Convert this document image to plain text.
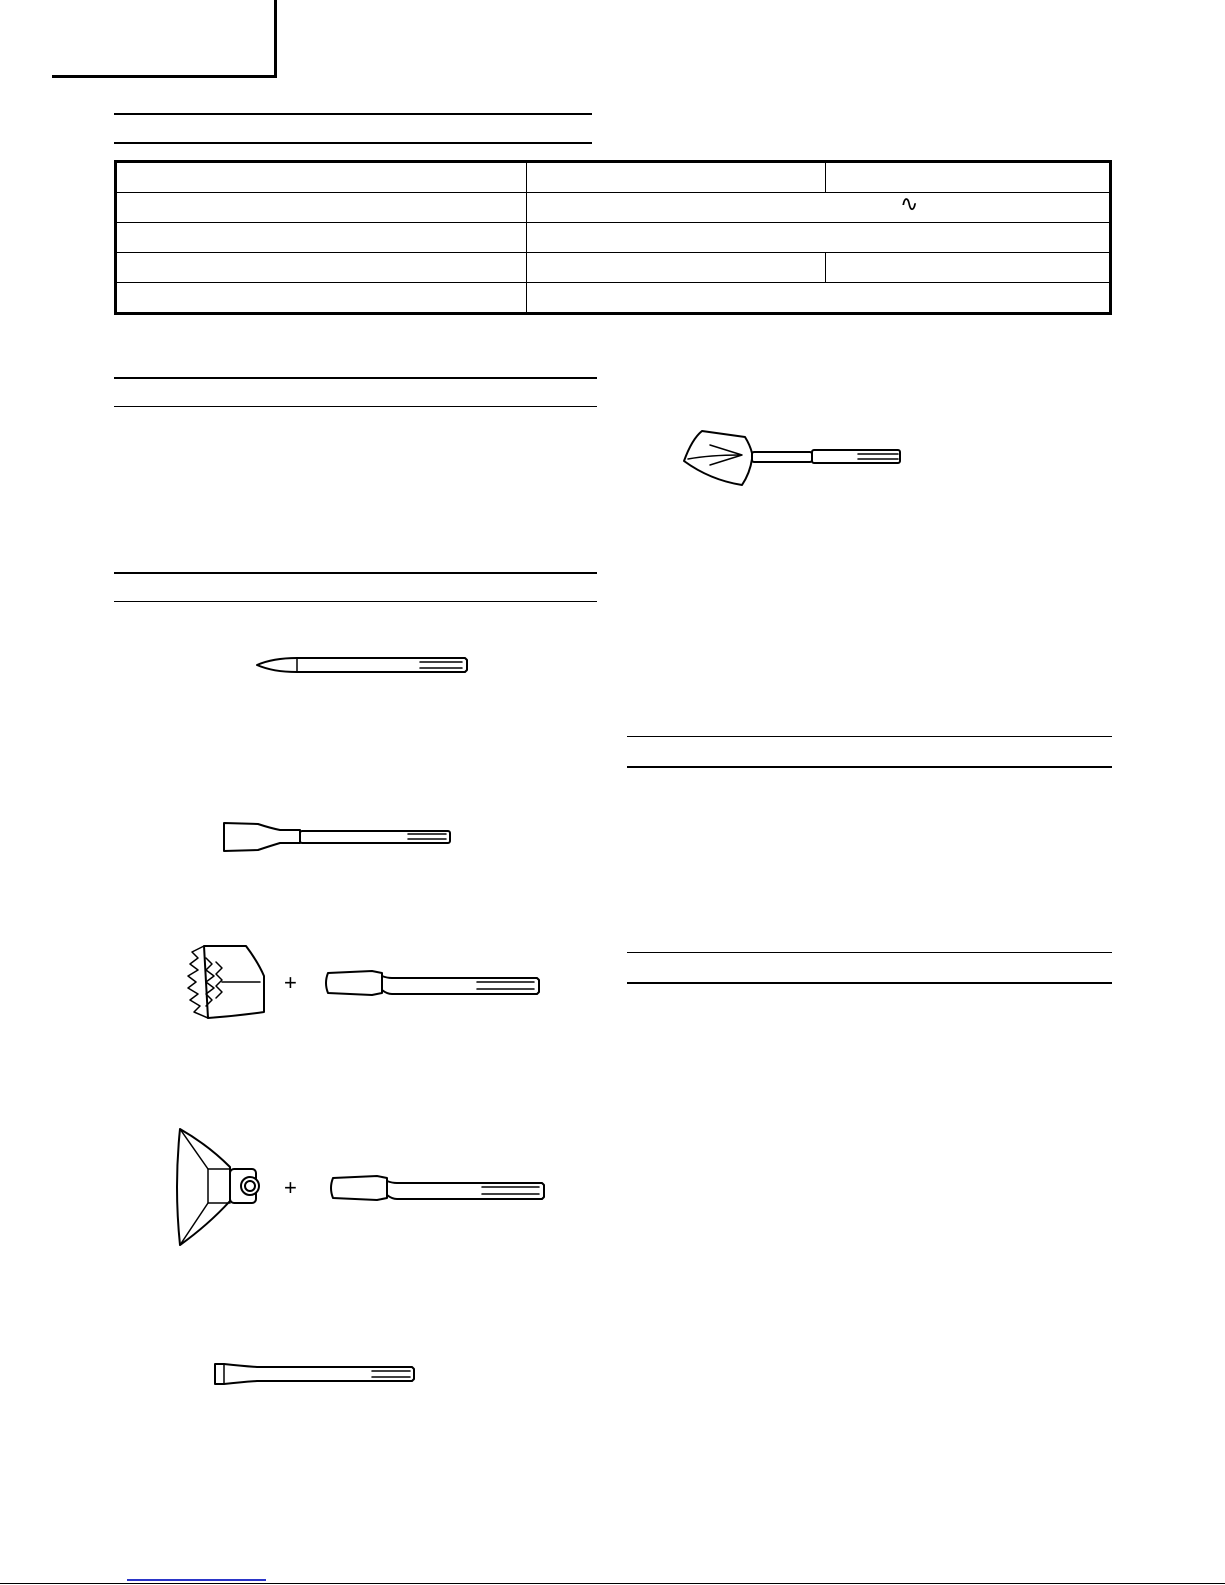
∿
+
+
